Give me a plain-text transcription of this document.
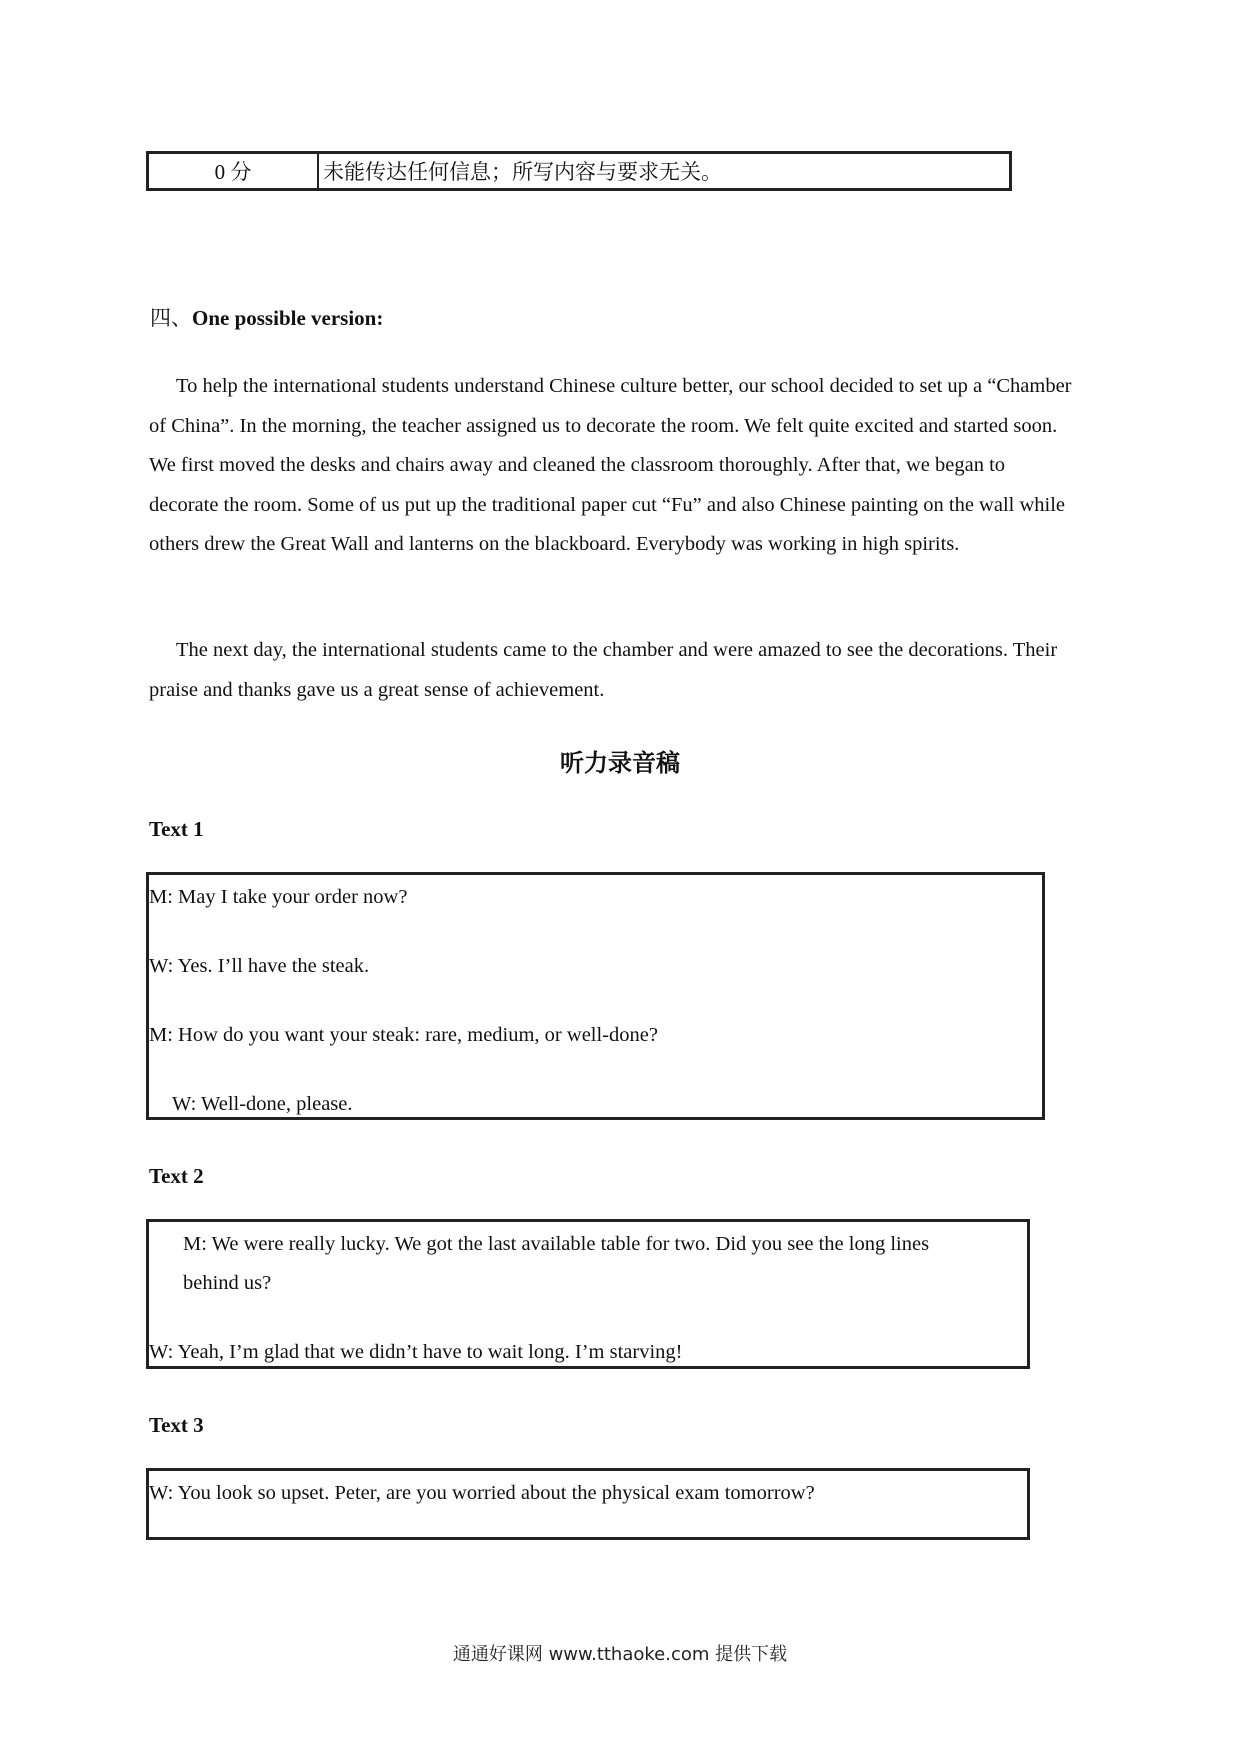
0 分	未能传达任何信息；所写内容与要求无关。
四、One possible version:

To help the international students understand Chinese culture better, our school decided to set up a “Chamber of China”. In the morning, the teacher assigned us to decorate the room. We felt quite excited and started soon. We first moved the desks and chairs away and cleaned the classroom thoroughly. After that, we began to decorate the room. Some of us put up the traditional paper cut “Fu” and also Chinese painting on the wall while others drew the Great Wall and lanterns on the blackboard. Everybody was working in high spirits.

The next day, the international students came to the chamber and were amazed to see the decorations. Their praise and thanks gave us a great sense of achievement.

听力录音稿
Text 1
M: May I take your order now?
W: Yes. I’ll have the steak.
M: How do you want your steak: rare, medium, or well-done?
W: Well-done, please.
Text 2
M: We were really lucky. We got the last available table for two. Did you see the long lines
behind us?
W: Yeah, I’m glad that we didn’t have to wait long. I’m starving!
Text 3
W: You look so upset. Peter, are you worried about the physical exam tomorrow?
通通好课网 www.tthaoke.com 提供下载
